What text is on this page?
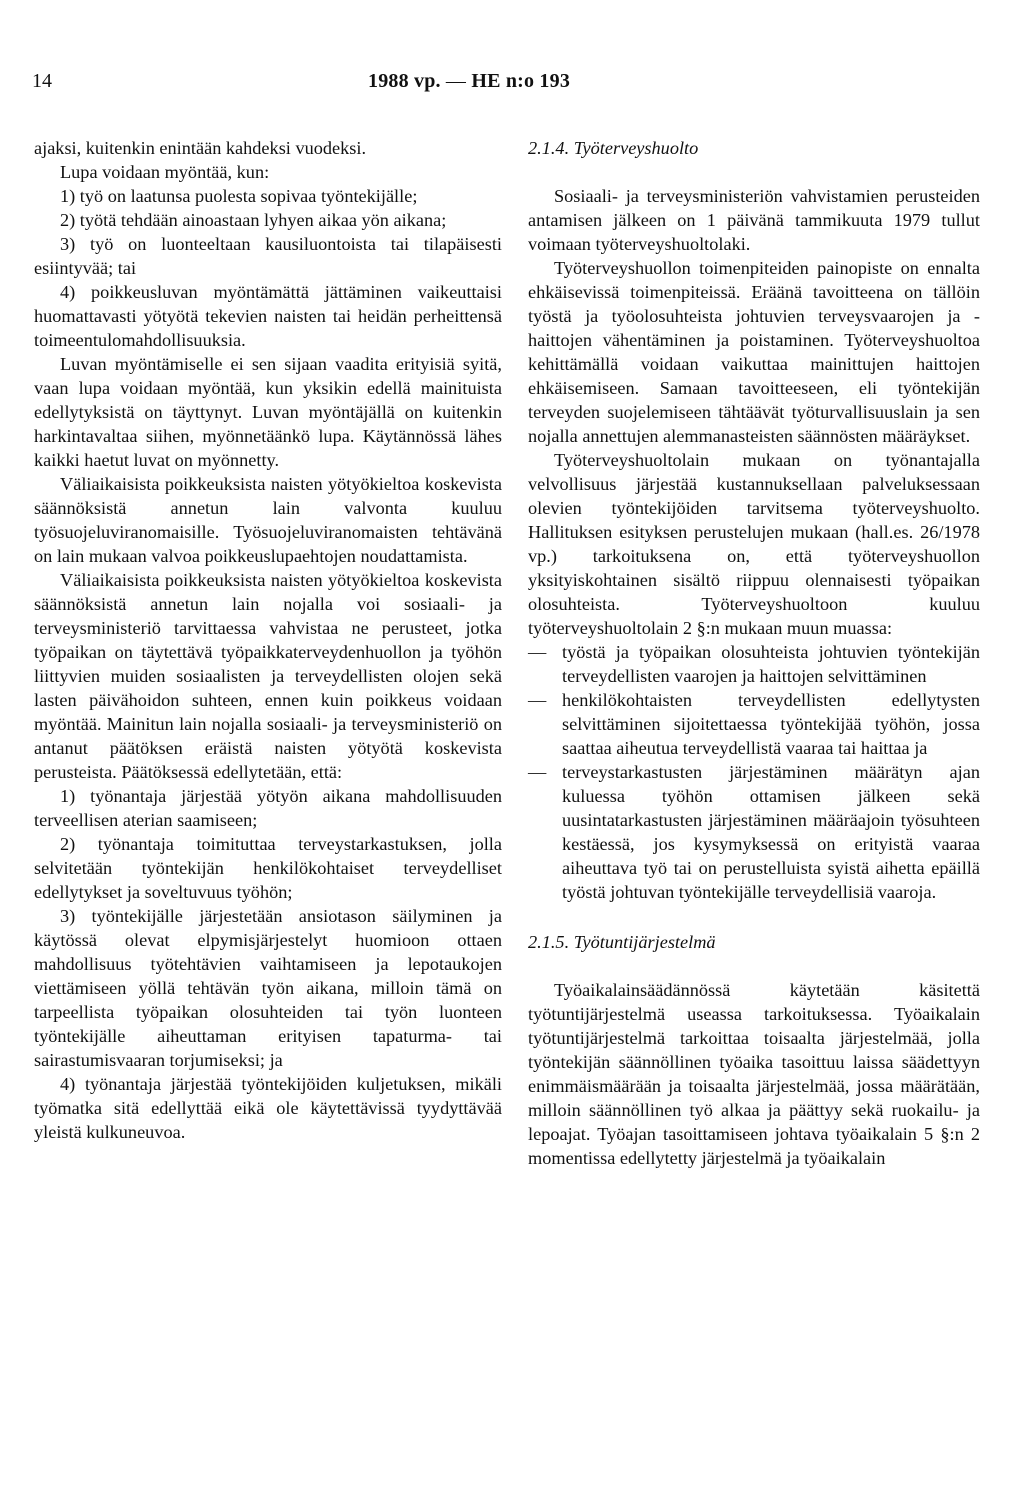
14	1988 vp. — HE n:o 193

ajaksi, kuitenkin enintään kahdeksi vuodeksi.

Lupa voidaan myöntää, kun:

1) työ on laatunsa puolesta sopivaa työntekijälle;

2) työtä tehdään ainoastaan lyhyen aikaa yön aikana;

3) työ on luonteeltaan kausiluontoista tai tilapäisesti esiintyvää; tai

4) poikkeusluvan myöntämättä jättäminen vaikeuttaisi huomattavasti yötyötä tekevien naisten tai heidän perheittensä toimeentulomahdollisuuksia.

Luvan myöntämiselle ei sen sijaan vaadita erityisiä syitä, vaan lupa voidaan myöntää, kun yksikin edellä mainituista edellytyksistä on täyttynyt. Luvan myöntäjällä on kuitenkin harkintavaltaa siihen, myönnetäänkö lupa. Käytännössä lähes kaikki haetut luvat on myönnetty.

Väliaikaisista poikkeuksista naisten yötyökieltoa koskevista säännöksistä annetun lain valvonta kuuluu työsuojeluviranomaisille. Työsuojeluviranomaisten tehtävänä on lain mukaan valvoa poikkeuslupaehtojen noudattamista.

Väliaikaisista poikkeuksista naisten yötyökieltoa koskevista säännöksistä annetun lain nojalla voi sosiaali- ja terveysministeriö tarvittaessa vahvistaa ne perusteet, jotka työpaikan on täytettävä työpaikkaterveydenhuollon ja työhön liittyvien muiden sosiaalisten ja terveydellisten olojen sekä lasten päivähoidon suhteen, ennen kuin poikkeus voidaan myöntää. Mainitun lain nojalla sosiaali- ja terveysministeriö on antanut päätöksen eräistä naisten yötyötä koskevista perusteista. Päätöksessä edellytetään, että:

1) työnantaja järjestää yötyön aikana mahdollisuuden terveellisen aterian saamiseen;

2) työnantaja toimituttaa terveystarkastuksen, jolla selvitetään työntekijän henkilökohtaiset terveydelliset edellytykset ja soveltuvuus työhön;

3) työntekijälle järjestetään ansiotason säilyminen ja käytössä olevat elpymisjärjestelyt huomioon ottaen mahdollisuus työtehtävien vaihtamiseen ja lepotaukojen viettämiseen yöllä tehtävän työn aikana, milloin tämä on tarpeellista työpaikan olosuhteiden tai työn luonteen työntekijälle aiheuttaman erityisen tapaturma- tai sairastumisvaaran torjumiseksi; ja

4) työnantaja järjestää työntekijöiden kuljetuksen, mikäli työmatka sitä edellyttää eikä ole käytettävissä tyydyttävää yleistä kulkuneuvoa.

2.1.4. Työterveyshuolto

Sosiaali- ja terveysministeriön vahvistamien perusteiden antamisen jälkeen on 1 päivänä tammikuuta 1979 tullut voimaan työterveyshuoltolaki.

Työterveyshuollon toimenpiteiden painopiste on ennalta ehkäisevissä toimenpiteissä. Eräänä tavoitteena on tällöin työstä ja työolosuhteista johtuvien terveysvaarojen ja -haittojen vähentäminen ja poistaminen. Työterveyshuoltoa kehittämällä voidaan vaikuttaa mainittujen haittojen ehkäisemiseen. Samaan tavoitteeseen, eli työntekijän terveyden suojelemiseen tähtäävät työturvallisuuslain ja sen nojalla annettujen alemmanasteisten säännösten määräykset.

Työterveyshuoltolain mukaan on työnantajalla velvollisuus järjestää kustannuksellaan palveluksessaan olevien työntekijöiden tarvitsema työterveyshuolto. Hallituksen esityksen perustelujen mukaan (hall.es. 26/1978 vp.) tarkoituksena on, että työterveyshuollon yksityiskohtainen sisältö riippuu olennaisesti työpaikan olosuhteista. Työterveyshuoltoon kuuluu työterveyshuoltolain 2 §:n mukaan muun muassa:

— työstä ja työpaikan olosuhteista johtuvien työntekijän terveydellisten vaarojen ja haittojen selvittäminen
— henkilökohtaisten terveydellisten edellytysten selvittäminen sijoitettaessa työntekijää työhön, jossa saattaa aiheutua terveydellistä vaaraa tai haittaa ja
— terveystarkastusten järjestäminen määrätyn ajan kuluessa työhön ottamisen jälkeen sekä uusintatarkastusten järjestäminen määräajoin työsuhteen kestäessä, jos kysymyksessä on erityistä vaaraa aiheuttava työ tai on perustelluista syistä aihetta epäillä työstä johtuvan työntekijälle terveydellisiä vaaroja.
2.1.5. Työtuntijärjestelmä

Työaikalainsäädännössä käytetään käsitettä työtuntijärjestelmä useassa tarkoituksessa. Työaikalain työtuntijärjestelmä tarkoittaa toisaalta järjestelmää, jolla työntekijän säännöllinen työaika tasoittuu laissa säädettyyn enimmäismäärään ja toisaalta järjestelmää, jossa määrätään, milloin säännöllinen työ alkaa ja päättyy sekä ruokailu- ja lepoajat. Työajan tasoittamiseen johtava työaikalain 5 §:n 2 momentissa edellytetty järjestelmä ja työaikalain
